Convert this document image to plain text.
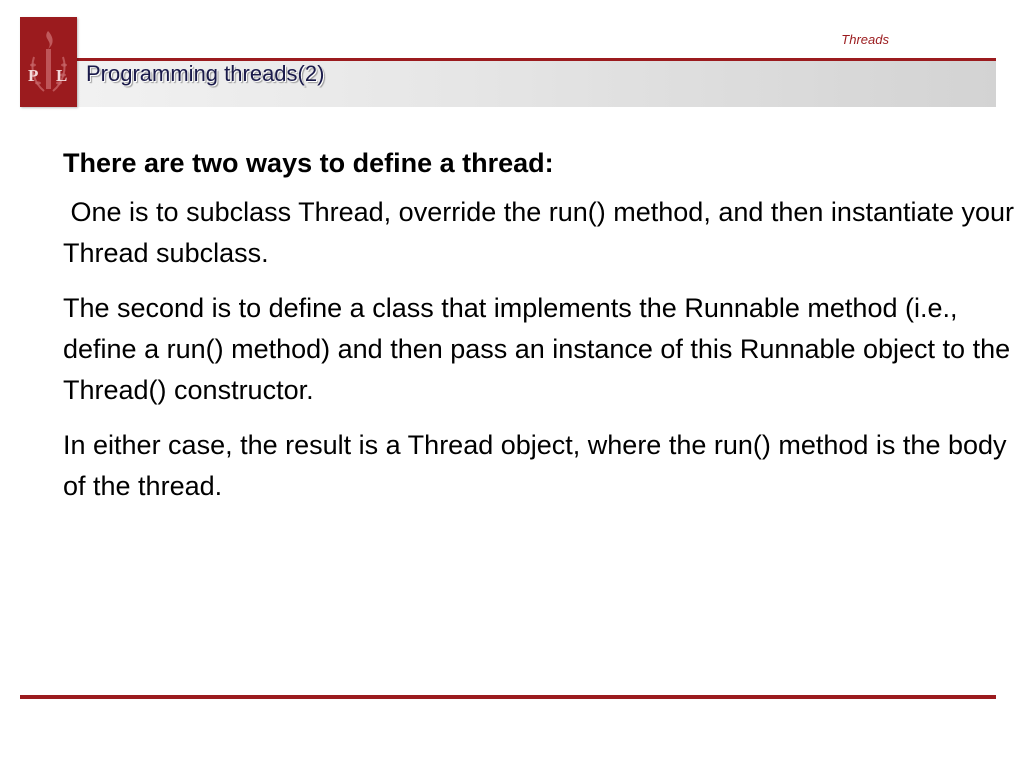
P L
Threads
Programming threads(2)

There are two ways to define a thread:

One is to subclass Thread, override the run() method, and then instantiate your Thread subclass.

The second is to define a class that implements the Runnable method (i.e., define a run() method) and then pass an instance of this Runnable object to the Thread() constructor.

In either case, the result is a Thread object, where the run() method is the body of the thread.
